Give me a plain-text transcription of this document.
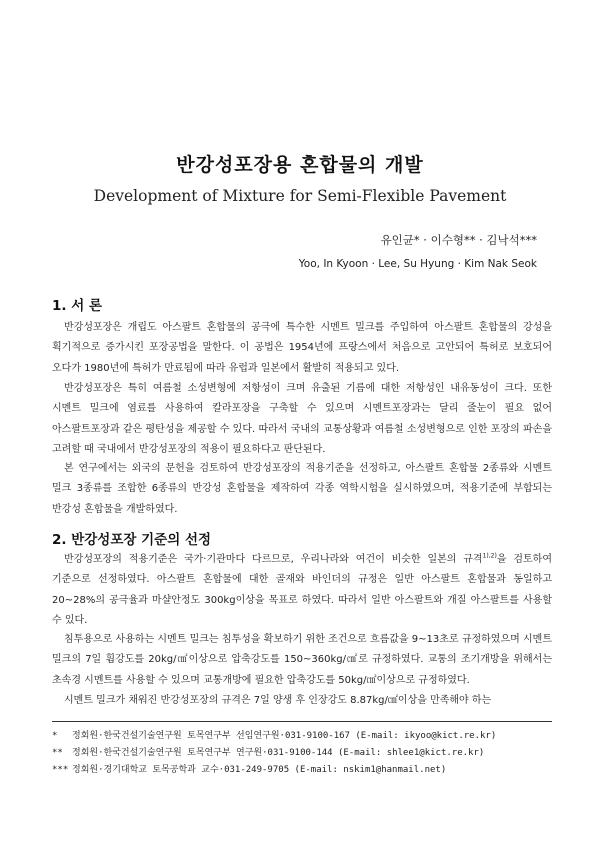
반강성포장용 혼합물의 개발
Development of Mixture for Semi-Flexible Pavement
유인균* · 이수형** · 김낙석***
Yoo, In Kyoon · Lee, Su Hyung · Kim Nak Seok
1. 서 론

반강성포장은 개립도 아스팔트 혼합물의 공극에 특수한 시멘트 밀크를 주입하여 아스팔트 혼합물의 강성을 획기적으로 증가시킨 포장공법을 말한다. 이 공법은 1954년에 프랑스에서 처음으로 고안되어 특허로 보호되어 오다가 1980년에 특허가 만료됨에 따라 유럽과 일본에서 활발히 적용되고 있다.

반강성포장은 특히 여름철 소성변형에 저항성이 크며 유출된 기름에 대한 저항성인 내유동성이 크다. 또한 시멘트 밀크에 염료를 사용하여 칼라포장을 구축할 수 있으며 시멘트포장과는 달리 줄눈이 필요 없어 아스팔트포장과 같은 평탄성을 제공할 수 있다. 따라서 국내의 교통상황과 여름철 소성변형으로 인한 포장의 파손을 고려할 때 국내에서 반강성포장의 적용이 필요하다고 판단된다.

본 연구에서는 외국의 문헌을 검토하여 반강성포장의 적용기준을 선정하고, 아스팔트 혼합물 2종류와 시멘트 밀크 3종류를 조합한 6종류의 반강성 혼합물을 제작하여 각종 역학시험을 실시하였으며, 적용기준에 부합되는 반강성 혼합물을 개발하였다.

2. 반강성포장 기준의 선정

반강성포장의 적용기준은 국가·기관마다 다르므로, 우리나라와 여건이 비슷한 일본의 규격$^{1),2)}$을 검토하여 기준으로 선정하였다. 아스팔트 혼합물에 대한 골재와 바인더의 규정은 일반 아스팔트 혼합물과 동일하고 20~28%의 공극율과 마샬안정도 300kg이상을 목표로 하였다. 따라서 일반 아스팔트와 개질 아스팔트를 사용할 수 있다.

침투용으로 사용하는 시멘트 밀크는 침투성을 확보하기 위한 조건으로 흐름값을 9~13초로 규정하였으며 시멘트 밀크의 7일 휨강도를 20kg/㎠이상으로 압축강도를 150~360kg/㎠로 규정하였다. 교통의 조기개방을 위해서는 초속경 시멘트를 사용할 수 있으며 교통개방에 필요한 압축강도를 50kg/㎠이상으로 규정하였다.

시멘트 밀크가 채워진 반강성포장의 규격은 7일 양생 후 인장강도 8.87kg/㎠이상을 만족해야 하는

* 정회원·한국건설기술연구원 토목연구부 선임연구원·031-9100-167 (E-mail: ikyoo@kict.re.kr)
** 정회원·한국건설기술연구원 토목연구부 연구원·031-9100-144 (E-mail: shlee1@kict.re.kr)
*** 정회원·경기대학교 토목공학과 교수·031-249-9705 (E-mail: nskim1@hanmail.net)
